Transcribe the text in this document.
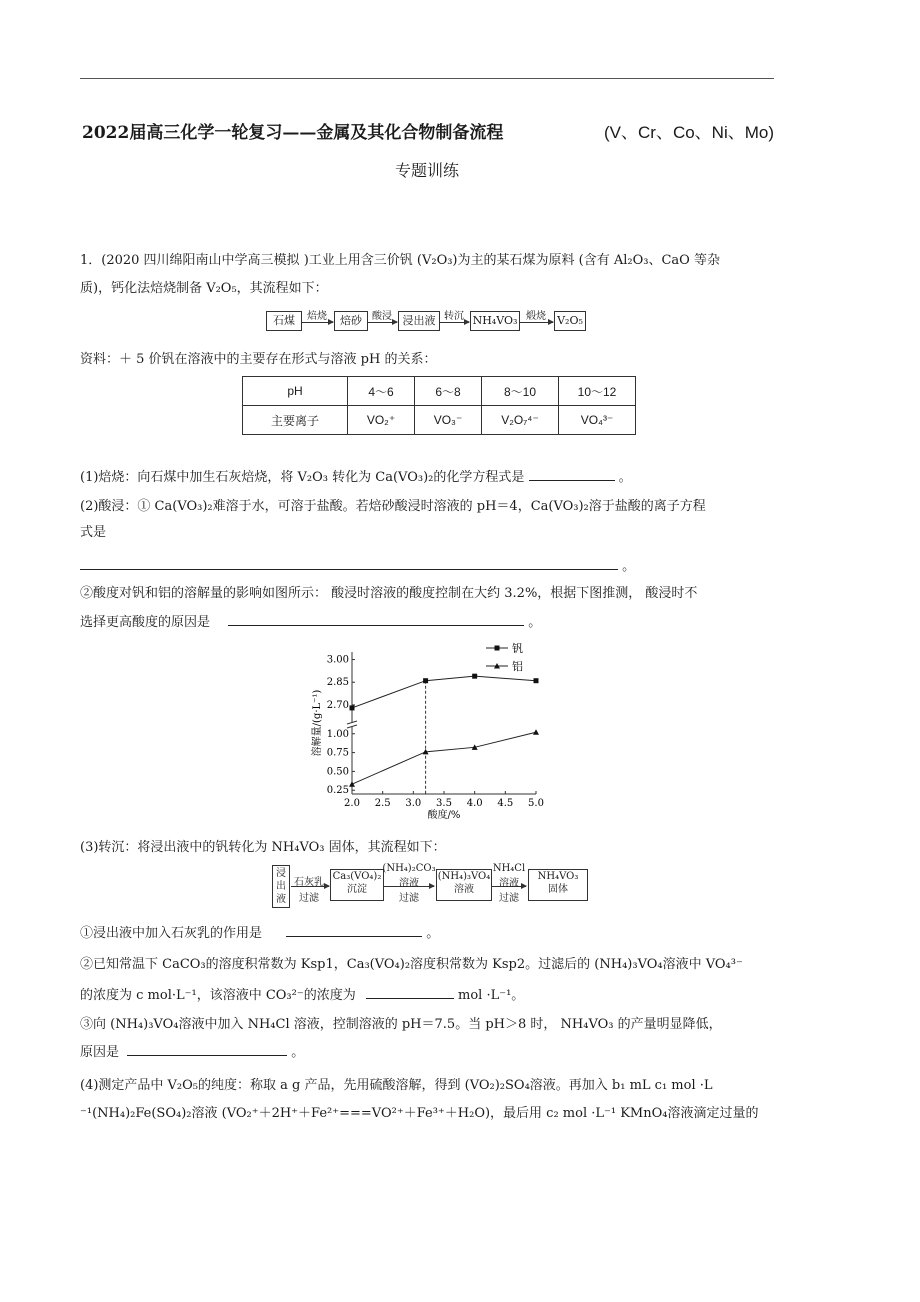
2022届高三化学一轮复习——金属及其化合物制备流程	(V、Cr、Co、Ni、Mo)
专题训练
1．(2020 四川绵阳南山中学高三模拟 )工业上用含三价钒 (V₂O₃)为主的某石煤为原料 (含有 Al₂O₃、CaO 等杂
质)，钙化法焙烧制备 V₂O₅，其流程如下：
石煤	焙烧	焙砂	酸浸 浸出液 转沉 NH₄VO₃ 煅烧	V₂O₅
资料：＋ 5 价钒在溶液中的主要存在形式与溶液 pH 的关系：
pH	4～6	6～8	8～10	10～12
主要离子	VO₂⁺	VO₃⁻	V₂O₇⁴⁻	VO₄³⁻
(1)焙烧：向石煤中加生石灰焙烧，将 V₂O₃ 转化为 Ca(VO₃)₂的化学方程式是	。
(2)酸浸：① Ca(VO₃)₂难溶于水，可溶于盐酸。若焙砂酸浸时溶液的 pH＝4，Ca(VO₃)₂溶于盐酸的离子方程
式是
。
②酸度对钒和铝的溶解量的影响如图所示： 酸浸时溶液的酸度控制在大约 3.2%，根据下图推测， 酸浸时不
选择更高酸度的原因是	。
2.0 2.5 3.0 3.5 4.0 4.5 5.0
2.70
2.85
3.00
0.25
0.50
0.75
1.00
酸度/%
溶解量/(g·L⁻¹)
钒
铝
(3)转沉：将浸出液中的钒转化为 NH₄VO₃ 固体，其流程如下：
浸出液
石灰乳
过滤
Ca₃(VO₄)₂
沉淀
(NH₄)₂CO₃
溶液
过滤
(NH₄)₃VO₄
溶液
NH₄Cl
溶液
过滤
NH₄VO₃
固体
①浸出液中加入石灰乳的作用是	。
②已知常温下 CaCO₃的溶度积常数为 Ksp1，Ca₃(VO₄)₂溶度积常数为 Ksp2。过滤后的 (NH₄)₃VO₄溶液中 VO₄³⁻
的浓度为 c mol·L⁻¹，该溶液中 CO₃²⁻的浓度为	mol ·L⁻¹。
③向 (NH₄)₃VO₄溶液中加入 NH₄Cl 溶液，控制溶液的 pH＝7.5。当 pH＞8 时， NH₄VO₃ 的产量明显降低，
原因是	。
(4)测定产品中 V₂O₅的纯度：称取 a g 产品，先用硫酸溶解，得到 (VO₂)₂SO₄溶液。再加入 b₁ mL c₁ mol ·L
⁻¹(NH₄)₂Fe(SO₄)₂溶液 (VO₂⁺＋2H⁺＋Fe²⁺===VO²⁺＋Fe³⁺＋H₂O)，最后用 c₂ mol ·L⁻¹ KMnO₄溶液滴定过量的
